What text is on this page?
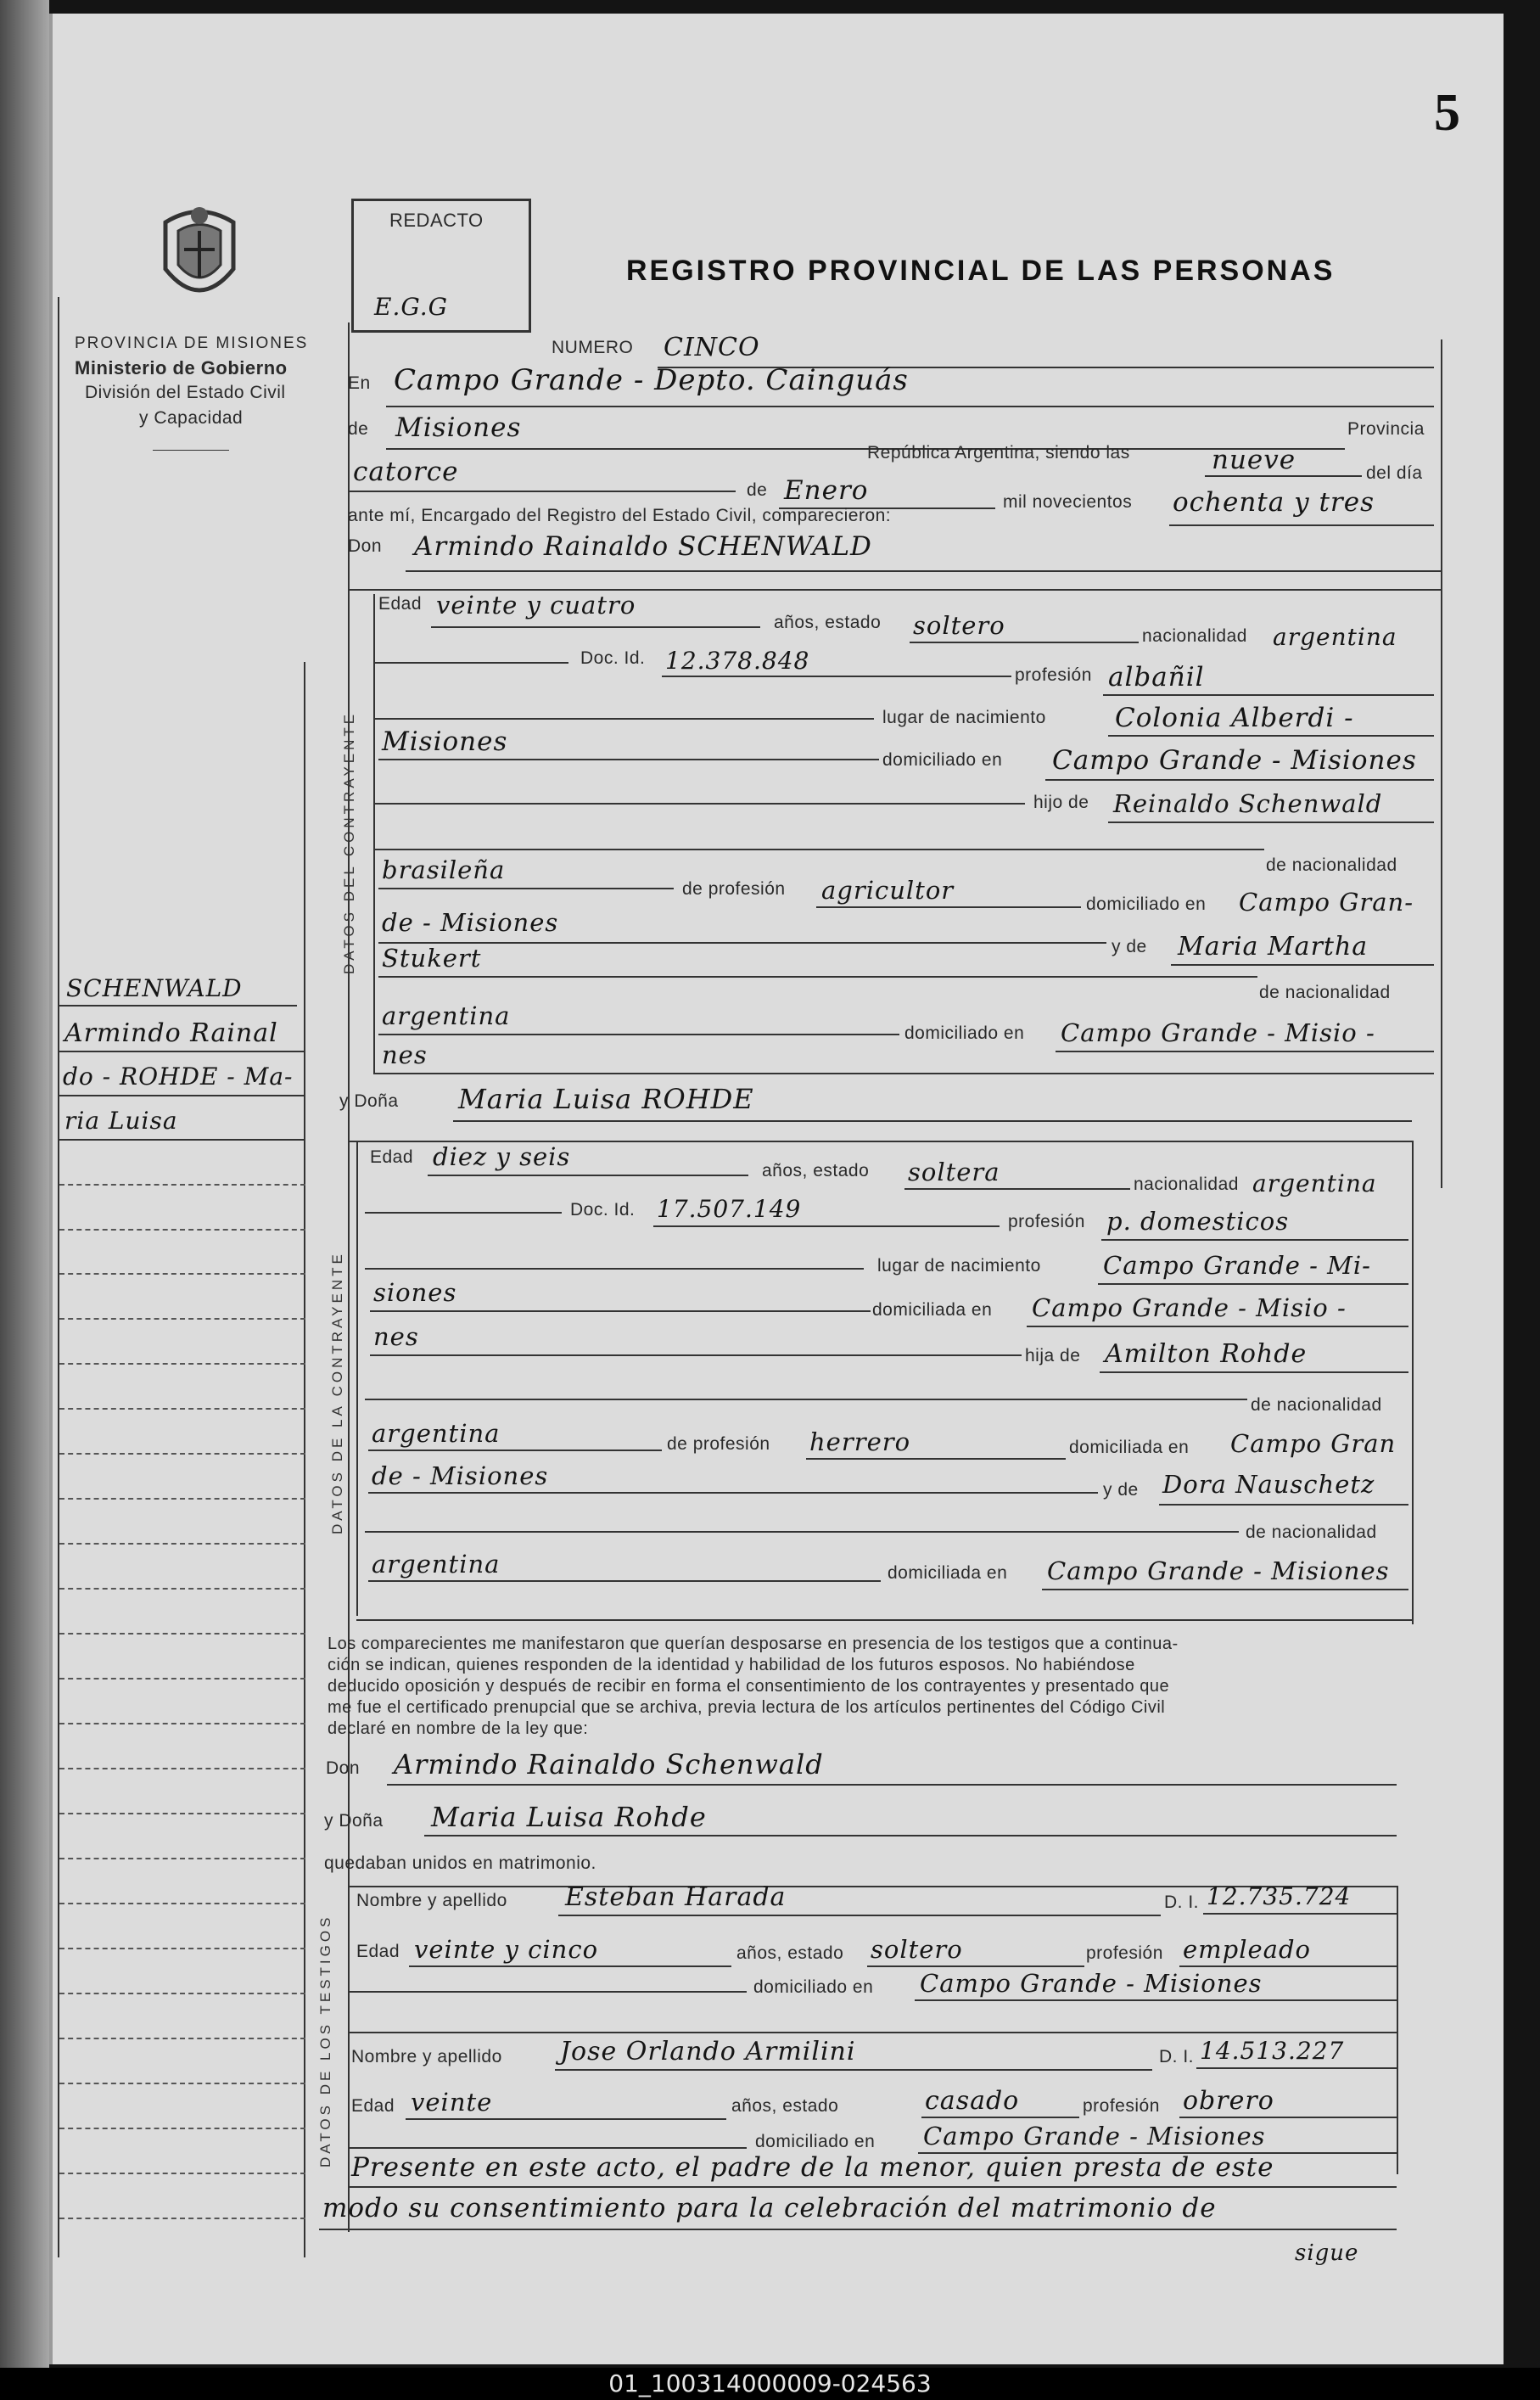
5
REDACTO
E.G.G
REGISTRO PROVINCIAL DE LAS PERSONAS
PROVINCIA DE MISIONES
Ministerio de Gobierno
División del Estado Civil
y Capacidad
SCHENWALD
Armindo Rainal
do - ROHDE - Ma-
ria Luisa
NUMERO CINCO
En Campo Grande - Depto. Cainguás
de Misiones	Provincia
República Argentina, siendo las	nueve	del día
catorce
de Enero	mil novecientos ochenta y tres
ante mí, Encargado del Registro del Estado Civil, comparecieron:
Don Armindo Rainaldo SCHENWALD
DATOS DEL CONTRAYENTE
Edad veinte y cuatro
años, estado soltero	nacionalidad argentina
Doc. Id. 12.378.848
profesión albañil
lugar de nacimiento	Colonia Alberdi -
Misiones
domiciliado en Campo Grande - Misiones
hijo de Reinaldo Schenwald
de nacionalidad
brasileña
de profesión agricultor	domiciliado en Campo Gran-
de - Misiones
y de Maria Martha
Stukert
de nacionalidad
argentina
domiciliado en Campo Grande - Misio -
nes
y Doña Maria Luisa ROHDE
DATOS DE LA CONTRAYENTE
Edad diez y seis	años, estado soltera	nacionalidad argentina
Doc. Id. 17.507.149	profesión p. domesticos
lugar de nacimiento	Campo Grande - Mi-
siones
domiciliada en Campo Grande - Misio -
nes
hija de Amilton Rohde
de nacionalidad
argentina	de profesión herrero	domiciliada en Campo Gran
de - Misiones	y de Dora Nauschetz
de nacionalidad
argentina	domiciliada en Campo Grande - Misiones
Los comparecientes me manifestaron que querían desposarse en presencia de los testigos que a continua-
ción se indican, quienes responden de la identidad y habilidad de los futuros esposos. No habiéndose
deducido oposición y después de recibir en forma el consentimiento de los contrayentes y presentado que
me fue el certificado prenupcial que se archiva, previa lectura de los artículos pertinentes del Código Civil
declaré en nombre de la ley que:
Don Armindo Rainaldo Schenwald
y Doña Maria Luisa Rohde
quedaban unidos en matrimonio.
DATOS DE LOS TESTIGOS
Nombre y apellido Esteban Harada	D. I. 12.735.724
Edad veinte y cinco	años, estado soltero	profesión empleado
domiciliado en Campo Grande - Misiones
Nombre y apellido Jose Orlando Armilini	D. I. 14.513.227
Edad veinte	años, estado	casado	profesión obrero
domiciliado en Campo Grande - Misiones
Presente en este acto, el padre de la menor, quien presta de este
modo su consentimiento para la celebración del matrimonio de
sigue
01_100314000009-024563
